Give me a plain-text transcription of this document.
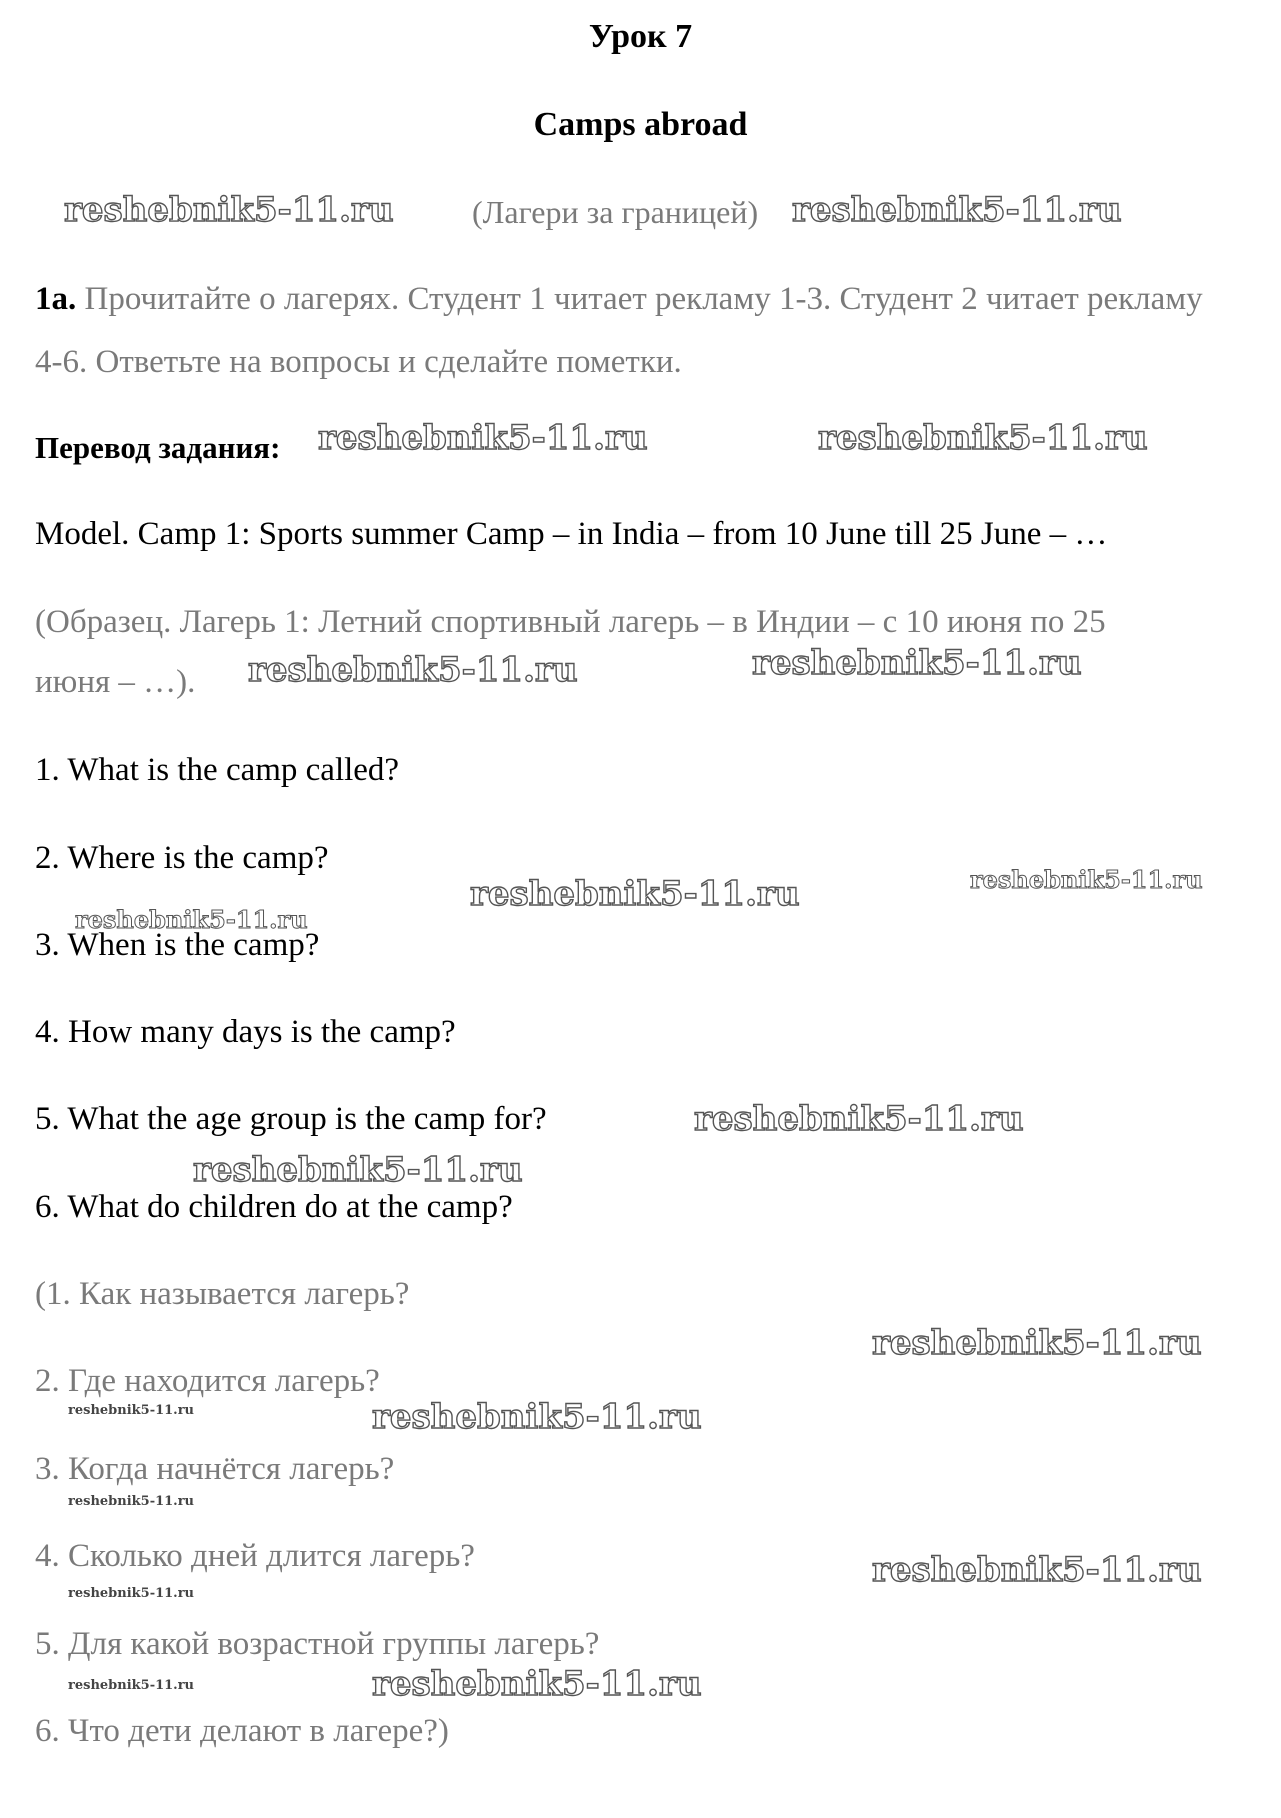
Урок 7
Camps abroad
(Лагери за границей)
1a. Прочитайте о лагерях. Студент 1 читает рекламу 1-3. Студент 2 читает рекламу 4-6. Ответьте на вопросы и сделайте пометки.
Перевод задания:
Model. Camp 1: Sports summer Camp – in India – from 10 June till 25 June – …
(Образец. Лагерь 1: Летний спортивный лагерь – в Индии – с 10 июня по 25
июня – …).
1. What is the camp called?
2. Where is the camp?
3. When is the camp?
4. How many days is the camp?
5. What the age group is the camp for?
6. What do children do at the camp?
(1. Как называется лагерь?
2. Где находится лагерь?
3. Когда начнётся лагерь?
4. Сколько дней длится лагерь?
5. Для какой возрастной группы лагерь?
6. Что дети делают в лагере?)
reshebnik5-11.ru	reshebnik5-11.ru
reshebnik5-11.ru	reshebnik5-11.ru
reshebnik5-11.ru	reshebnik5-11.ru
reshebnik5-11.ru	reshebnik5-11.ru
reshebnik5-11.ru
reshebnik5-11.ru
reshebnik5-11.ru
reshebnik5-11.ru
reshebnik5-11.ru	reshebnik5-11.ru
reshebnik5-11.ru
reshebnik5-11.ru
reshebnik5-11.ru
reshebnik5-11.ru	reshebnik5-11.ru
